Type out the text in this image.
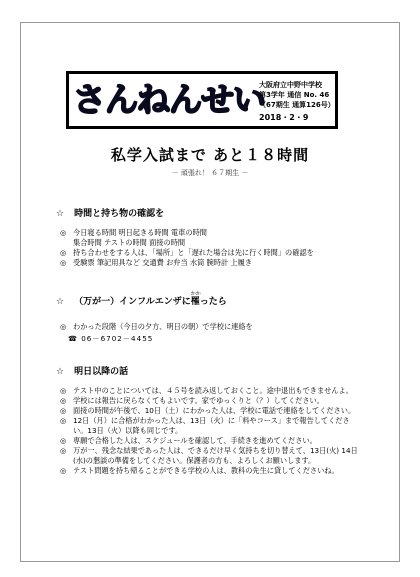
さんねんせい
大阪府立中野中学校
第3学年 通信 No. 46
（67期生 通算126号）
2018・2・9
私学入試まで あと１８時間
－ 頑張れ！ ６７期生 －
☆ 時間と持ち物の確認を
◎ 今日寝る時間 明日起きる時間 電車の時間
集合時間 テストの時間 面接の時間
◎ 持ち合わせをする人は、「場所」と「遅れた場合は先に行く時間」の確認を
◎ 受験票 筆記用具など 交通費 お弁当 水筒 腕時計 上履き
☆ （万が一）インフルエンザに
かか
罹ったら
◎ わかった段階（今日の夕方、明日の朝）で学校に連絡を
☎ 06－6702－4455
☆ 明日以降の話
◎ テスト中のことについては、４５号を読み返しておくこと。途中退出もできませんよ。
◎ 学校には報告に戻らなくてもよいです。家でゆっくりと（？）してください。
◎ 面接の時間が午後で、10日（土）にわかった人は、学校に電話で連絡をしてください。
◎ 12日（月）に合格がわかった人は、13日（火）に「料やコース」まで報告してください。13日（火）以降も同じです。
◎ 専願で合格した人は、スケジュールを確認して、手続きを進めてください。
◎ 万が一、残念な結果であった人は、できるだけ早く気持ちを切り替えて、13日(火) 14日(水)の懇談の準備をしてください。保護者の方も、よろしくお願いします。
◎ テスト問題を持ち帰ることができる学校の人は、教科の先生に貸してくださいね。
